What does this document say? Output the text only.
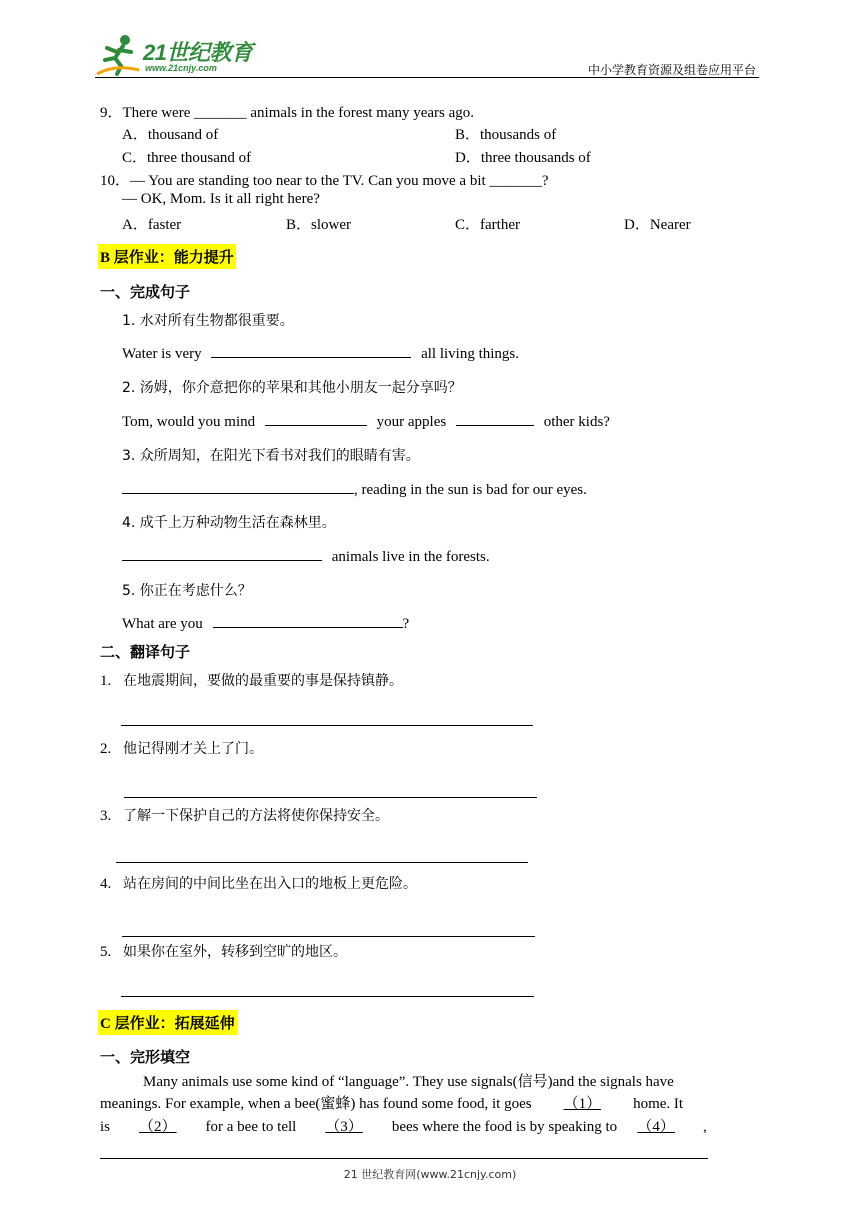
21世纪教育
www.21cnjy.com	中小学教育资源及组卷应用平台
9．There were _______ animals in the forest many years ago.
A．thousand of	B．thousands of
C．three thousand of	D．three thousands of
10．— You are standing too near to the TV. Can you move a bit _______?
— OK, Mom. Is it all right here?
A．faster	B．slower	C．farther	D．Nearer
B 层作业：能力提升
一、完成句子
1. 水对所有生物都很重要。
Water is very	all living things.
2. 汤姆，你介意把你的苹果和其他小朋友一起分享吗？
Tom, would you mind	your apples	other kids?
3. 众所周知，在阳光下看书对我们的眼睛有害。
, reading in the sun is bad for our eyes.
4. 成千上万种动物生活在森林里。
animals live in the forests.
5. 你正在考虑什么？
What are you	?
二、翻译句子
1. 在地震期间，要做的最重要的事是保持镇静。
2. 他记得刚才关上了门。
3. 了解一下保护自己的方法将使你保持安全。
4. 站在房间的中间比坐在出入口的地板上更危险。
5. 如果你在室外，转移到空旷的地区。
C 层作业：拓展延伸
一、完形填空
Many animals use some kind of “language”. They use signals(信号)and the signals have
meanings. For example, when a bee(蜜蜂) has found some food, it goes （1） home. It
is （2） for a bee to tell （3） bees where the food is by speaking to （4） ,
21 世纪教育网(www.21cnjy.com)
